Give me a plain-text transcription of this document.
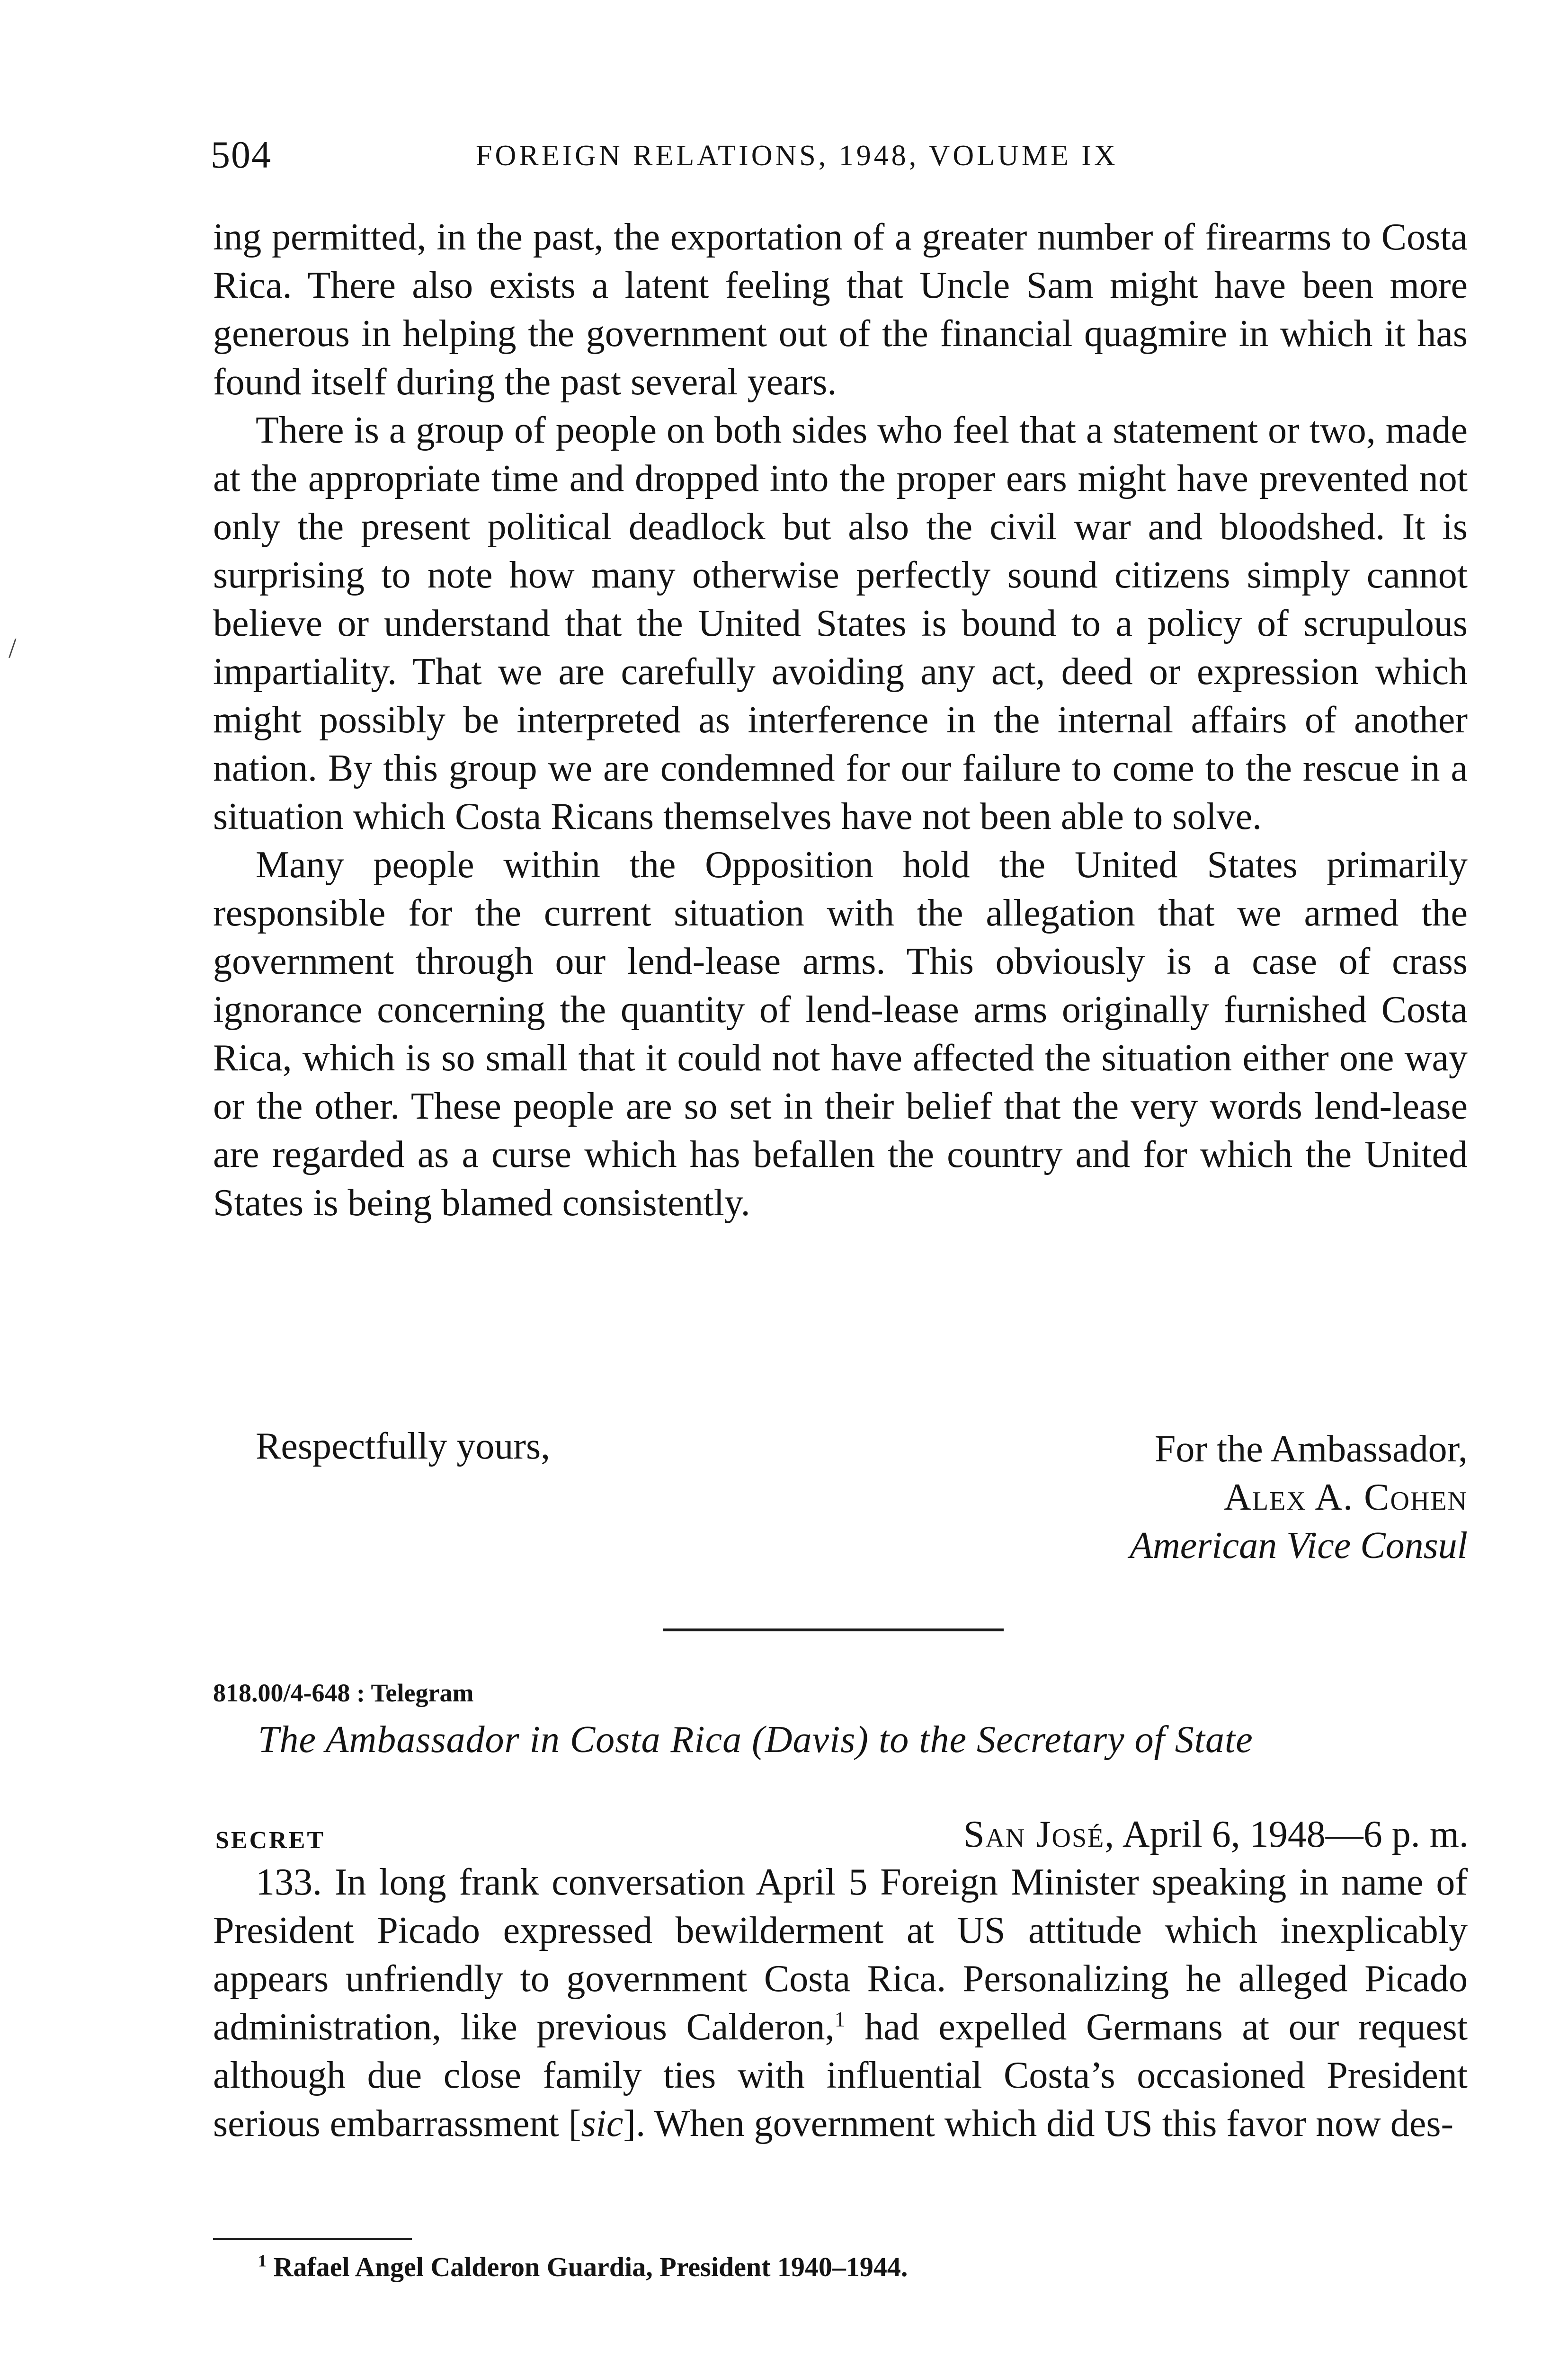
/
504	FOREIGN RELATIONS, 1948, VOLUME IX

ing permitted, in the past, the exportation of a greater number of firearms to Costa Rica. There also exists a latent feeling that Uncle Sam might have been more generous in helping the government out of the financial quagmire in which it has found itself during the past several years.

There is a group of people on both sides who feel that a statement or two, made at the appropriate time and dropped into the proper ears might have prevented not only the present political deadlock but also the civil war and bloodshed. It is surprising to note how many otherwise perfectly sound citizens simply cannot believe or understand that the United States is bound to a policy of scrupulous impartiality. That we are carefully avoiding any act, deed or expression which might possibly be interpreted as interference in the internal affairs of another nation. By this group we are condemned for our failure to come to the rescue in a situation which Costa Ricans themselves have not been able to solve.

Many people within the Opposition hold the United States primarily responsible for the current situation with the allegation that we armed the government through our lend-lease arms. This obviously is a case of crass ignorance concerning the quantity of lend-lease arms originally furnished Costa Rica, which is so small that it could not have affected the situation either one way or the other. These people are so set in their belief that the very words lend-lease are regarded as a curse which has befallen the country and for which the United States is being blamed consistently.

Respectfully yours,	For the Ambassador,
Alex A. Cohen
American Vice Consul
818.00/4-648 : Telegram
The Ambassador in Costa Rica (Davis) to the Secretary of State
SECRET	San José, April 6, 1948—6 p. m.

133. In long frank conversation April 5 Foreign Minister speaking in name of President Picado expressed bewilderment at US attitude which inexplicably appears unfriendly to government Costa Rica. Personalizing he alleged Picado administration, like previous Calderon,$^1$ had expelled Germans at our request although due close family ties with influential Costa’s occasioned President serious embarrassment [sic]. When government which did US this favor now des-

$^1$ Rafael Angel Calderon Guardia, President 1940–1944.
